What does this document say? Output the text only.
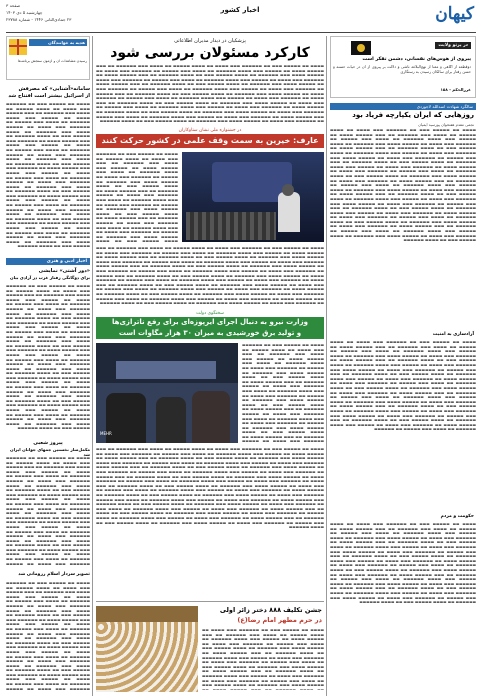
کیهان
اخبار کشور
صفحه ۳
چهارشنبه ۵ دی ۱۴۰۳
۲۳ جمادی‌الثانی ۱۴۴۶ - شماره ۲۳۷۸۸
در پرتو ولایت
پیروی از هوس‌های نفسانی، دشمن تفکر است
دوقطعه از آگاهی و معنا از نهج‌البلاغه ناشی و دلالت بر پیروی از آن در حیات حسنه و حسن رفتار برای سالکان رسیدن به رستگاری
غررالحکم - ۱۵۸
سالگرد شهادت اسدالله لاجوردی
روزهایی که ایران یکپارچه فریاد بود
نجمی مقدم هفتخوان پورسید ایمیان
▬▬▬▬ ▬▬ ▬▬▬▬▬ ▬▬▬ ▬▬ ▬▬▬▬▬▬ ▬▬▬ ▬▬▬▬ ▬▬ ▬▬▬▬ ▬▬▬▬▬ ▬▬ ▬▬▬▬ ▬▬▬ ▬▬▬▬▬▬ ▬▬ ▬▬▬ ▬▬▬▬▬ ▬▬▬▬ ▬▬ ▬▬▬▬▬ ▬▬▬ ▬▬▬▬ ▬▬▬▬▬▬ ▬▬ ▬▬▬▬ ▬▬▬ ▬▬▬▬▬ ▬▬ ▬▬▬▬▬▬ ▬▬▬ ▬▬▬▬ ▬▬ ▬▬▬▬▬ ▬▬▬▬ ▬▬▬ ▬▬▬▬▬▬ ▬▬ ▬▬▬▬ ▬▬▬▬▬ ▬▬▬ ▬▬ ▬▬▬▬ ▬▬▬▬▬▬ ▬▬ ▬▬▬ ▬▬▬▬▬ ▬▬▬▬ ▬▬ ▬▬▬▬▬▬ ▬▬▬ ▬▬▬▬ ▬▬ ▬▬▬▬▬ ▬▬▬ ▬▬▬▬ ▬▬▬▬▬▬ ▬▬ ▬▬▬▬ ▬▬▬ ▬▬▬▬▬ ▬▬ ▬▬▬▬▬▬ ▬▬▬ ▬▬▬▬ ▬▬ ▬▬▬▬▬ ▬▬▬▬ ▬▬▬ ▬▬▬▬▬▬ ▬▬ ▬▬▬▬ ▬▬▬▬▬ ▬▬▬ ▬▬ ▬▬▬▬ ▬▬▬▬▬▬ ▬▬ ▬▬▬ ▬▬▬▬▬ ▬▬▬▬ ▬▬ ▬▬▬▬▬▬ ▬▬▬ ▬▬▬▬ ▬▬ ▬▬▬▬▬ ▬▬▬ ▬▬▬▬ ▬▬▬▬▬▬ ▬▬ ▬▬▬▬ ▬▬▬ ▬▬▬▬▬ ▬▬ ▬▬▬▬▬▬ ▬▬▬ ▬▬▬▬ ▬▬ ▬▬▬▬▬ ▬▬▬▬ ▬▬▬ ▬▬▬▬▬▬ ▬▬ ▬▬▬▬ ▬▬▬▬▬ ▬▬▬ ▬▬ ▬▬▬▬ ▬▬▬▬▬▬ ▬▬ ▬▬▬ ▬▬▬▬▬ ▬▬▬▬ ▬▬ ▬▬▬▬▬▬ ▬▬▬ ▬▬▬▬ ▬▬ ▬▬▬▬▬ ▬▬▬ ▬▬▬▬ ▬▬▬▬▬▬ ▬▬ ▬▬▬▬ ▬▬▬ ▬▬▬▬▬ ▬▬ ▬▬▬▬▬▬ ▬▬▬ ▬▬▬▬ ▬▬ ▬▬▬▬▬ ▬▬▬▬ ▬▬▬ ▬▬▬▬▬▬ ▬▬ ▬▬▬▬ ▬▬▬▬▬ ▬▬▬ ▬▬ ▬▬▬▬ ▬▬▬▬▬▬ ▬▬ ▬▬▬ ▬▬▬▬▬ ▬▬▬▬ ▬▬ ▬▬▬▬▬▬ ▬▬▬ ▬▬▬▬ ▬▬ ▬▬▬▬▬ ▬▬▬ ▬▬▬▬ ▬▬▬▬▬▬ ▬▬ ▬▬▬▬ ▬▬▬ ▬▬▬▬▬ ▬▬ ▬▬▬▬▬▬ ▬▬▬ ▬▬▬▬ ▬▬ ▬▬▬▬▬ ▬▬▬▬ ▬▬▬ ▬▬▬▬▬▬ ▬▬ ▬▬▬▬ ▬▬▬▬▬ ▬▬▬ ▬▬ ▬▬▬▬ ▬▬▬▬▬▬ ▬▬ ▬▬▬ ▬▬▬▬▬ ▬▬▬▬ ▬▬ ▬▬▬▬▬▬ ▬▬▬ ▬▬▬▬ ▬▬ ▬▬▬▬▬ ▬▬▬ ▬▬▬▬ ▬▬▬▬▬▬ ▬▬ ▬▬▬▬ ▬▬▬ ▬▬▬▬▬ ▬▬ ▬▬▬▬▬▬ ▬▬▬ ▬▬▬▬ ▬▬ ▬▬▬▬▬ ▬▬▬▬ ▬▬▬ ▬▬▬▬▬▬ ▬▬ ▬▬▬▬ ▬▬▬▬▬ ▬▬▬ ▬▬ ▬▬▬▬ ▬▬▬▬▬▬ ▬▬ ▬▬▬ ▬▬▬▬▬ ▬▬▬▬ ▬▬ ▬▬▬▬▬▬ ▬▬▬ ▬▬▬▬ ▬▬ ▬▬▬▬▬ ▬▬▬ ▬▬▬▬ ▬▬▬▬▬▬ ▬▬ ▬▬▬▬ ▬▬▬ ▬▬▬▬▬ ▬▬ ▬▬▬▬▬▬ ▬▬▬ ▬▬▬▬ ▬▬ ▬▬▬▬▬ ▬▬▬▬ ▬▬▬ ▬▬▬▬▬▬ ▬▬ ▬▬▬▬ ▬▬▬▬▬ ▬▬▬ ▬▬ ▬▬▬▬ ▬▬▬▬▬▬
آزادسازی به امنیت
▬▬▬▬ ▬▬ ▬▬▬▬▬ ▬▬▬ ▬▬ ▬▬▬▬▬▬ ▬▬▬ ▬▬▬▬ ▬▬ ▬▬▬▬ ▬▬▬▬▬ ▬▬ ▬▬▬▬ ▬▬▬ ▬▬▬▬▬▬ ▬▬ ▬▬▬ ▬▬▬▬▬ ▬▬▬▬ ▬▬ ▬▬▬▬▬ ▬▬▬ ▬▬▬▬ ▬▬▬▬▬▬ ▬▬ ▬▬▬▬ ▬▬▬ ▬▬▬▬▬ ▬▬ ▬▬▬▬▬▬ ▬▬▬ ▬▬▬▬ ▬▬ ▬▬▬▬▬ ▬▬▬▬ ▬▬▬ ▬▬▬▬▬▬ ▬▬ ▬▬▬▬ ▬▬▬▬▬ ▬▬▬ ▬▬ ▬▬▬▬ ▬▬▬▬▬▬ ▬▬ ▬▬▬ ▬▬▬▬▬ ▬▬▬▬ ▬▬ ▬▬▬▬▬▬ ▬▬▬ ▬▬▬▬ ▬▬ ▬▬▬▬▬ ▬▬▬ ▬▬▬▬ ▬▬▬▬▬▬ ▬▬ ▬▬▬▬ ▬▬▬ ▬▬▬▬▬ ▬▬ ▬▬▬▬▬▬ ▬▬▬ ▬▬▬▬ ▬▬ ▬▬▬▬▬ ▬▬▬▬ ▬▬▬ ▬▬▬▬▬▬ ▬▬ ▬▬▬▬ ▬▬▬▬▬ ▬▬▬ ▬▬ ▬▬▬▬ ▬▬▬▬▬▬ ▬▬ ▬▬▬ ▬▬▬▬▬ ▬▬▬▬ ▬▬ ▬▬▬▬▬▬ ▬▬▬ ▬▬▬▬ ▬▬ ▬▬▬▬▬ ▬▬▬ ▬▬▬▬ ▬▬▬▬▬▬ ▬▬ ▬▬▬▬ ▬▬▬ ▬▬▬▬▬ ▬▬ ▬▬▬▬▬▬ ▬▬▬ ▬▬▬▬ ▬▬ ▬▬▬▬▬ ▬▬▬▬ ▬▬▬ ▬▬▬▬▬▬ ▬▬ ▬▬▬▬ ▬▬▬▬▬ ▬▬▬ ▬▬ ▬▬▬▬ ▬▬▬▬▬▬ ▬▬ ▬▬▬ ▬▬▬▬▬ ▬▬▬▬ ▬▬ ▬▬▬▬▬▬ ▬▬▬ ▬▬▬▬ ▬▬ ▬▬▬▬▬ ▬▬▬ ▬▬▬▬ ▬▬▬▬▬▬ ▬▬ ▬▬▬▬ ▬▬▬ ▬▬▬▬▬ ▬▬ ▬▬▬▬▬▬ ▬▬▬ ▬▬▬▬ ▬▬ ▬▬▬▬▬ ▬▬▬▬ ▬▬▬ ▬▬▬▬▬▬ ▬▬ ▬▬▬▬ ▬▬▬▬▬ ▬▬▬ ▬▬ ▬▬▬▬ ▬▬▬▬▬▬ ▬▬ ▬▬▬ ▬▬▬▬▬ ▬▬▬▬ ▬▬ ▬▬▬▬▬▬ ▬▬▬ ▬▬▬▬ ▬▬ ▬▬▬▬▬ ▬▬▬ ▬▬▬▬ ▬▬▬▬▬▬ ▬▬ ▬▬▬▬ ▬▬▬ ▬▬▬▬▬ ▬▬ ▬▬▬▬▬▬ ▬▬▬ ▬▬▬▬ ▬▬ ▬▬▬▬▬ ▬▬▬▬ ▬▬▬ ▬▬▬▬▬▬ ▬▬ ▬▬▬▬ ▬▬▬▬▬ ▬▬▬ ▬▬ ▬▬▬▬ ▬▬▬▬▬▬ ▬▬ ▬▬▬ ▬▬▬▬▬ ▬▬▬▬ ▬▬ ▬▬▬▬▬▬ ▬▬▬ ▬▬▬▬ ▬▬ ▬▬▬▬▬ ▬▬▬ ▬▬▬▬ ▬▬▬▬▬▬ ▬▬ ▬▬▬▬ ▬▬▬ ▬▬▬▬▬ ▬▬ ▬▬▬▬▬▬
حکومت و مردم
▬▬▬▬ ▬▬ ▬▬▬▬▬ ▬▬▬ ▬▬ ▬▬▬▬▬▬ ▬▬▬ ▬▬▬▬ ▬▬ ▬▬▬▬ ▬▬▬▬▬ ▬▬ ▬▬▬▬ ▬▬▬ ▬▬▬▬▬▬ ▬▬ ▬▬▬ ▬▬▬▬▬ ▬▬▬▬ ▬▬ ▬▬▬▬▬ ▬▬▬ ▬▬▬▬ ▬▬▬▬▬▬ ▬▬ ▬▬▬▬ ▬▬▬ ▬▬▬▬▬ ▬▬ ▬▬▬▬▬▬ ▬▬▬ ▬▬▬▬ ▬▬ ▬▬▬▬▬ ▬▬▬▬ ▬▬▬ ▬▬▬▬▬▬ ▬▬ ▬▬▬▬ ▬▬▬▬▬ ▬▬▬ ▬▬ ▬▬▬▬ ▬▬▬▬▬▬ ▬▬ ▬▬▬ ▬▬▬▬▬ ▬▬▬▬ ▬▬ ▬▬▬▬▬▬ ▬▬▬ ▬▬▬▬ ▬▬ ▬▬▬▬▬ ▬▬▬ ▬▬▬▬ ▬▬▬▬▬▬ ▬▬ ▬▬▬▬ ▬▬▬ ▬▬▬▬▬ ▬▬ ▬▬▬▬▬▬ ▬▬▬ ▬▬▬▬ ▬▬ ▬▬▬▬▬ ▬▬▬▬ ▬▬▬ ▬▬▬▬▬▬ ▬▬ ▬▬▬▬ ▬▬▬▬▬ ▬▬▬ ▬▬ ▬▬▬▬ ▬▬▬▬▬▬ ▬▬ ▬▬▬ ▬▬▬▬▬ ▬▬▬▬ ▬▬ ▬▬▬▬▬▬ ▬▬▬ ▬▬▬▬ ▬▬ ▬▬▬▬▬ ▬▬▬ ▬▬▬▬ ▬▬▬▬▬▬ ▬▬ ▬▬▬▬ ▬▬▬ ▬▬▬▬▬ ▬▬ ▬▬▬▬▬▬ ▬▬▬ ▬▬▬▬ ▬▬ ▬▬▬▬▬ ▬▬▬▬ ▬▬▬ ▬▬▬▬▬▬ ▬▬ ▬▬▬▬ ▬▬▬▬▬ ▬▬▬ ▬▬ ▬▬▬▬ ▬▬▬▬▬▬ ▬▬ ▬▬▬ ▬▬▬▬▬ ▬▬▬▬ ▬▬ ▬▬▬▬▬▬ ▬▬▬ ▬▬▬▬ ▬▬ ▬▬▬▬▬ ▬▬▬ ▬▬▬▬ ▬▬▬▬▬▬ ▬▬ ▬▬▬▬ ▬▬▬ ▬▬▬▬▬ ▬▬ ▬▬▬▬▬▬ ▬▬▬ ▬▬▬▬ ▬▬ ▬▬▬▬▬ ▬▬▬▬ ▬▬▬ ▬▬▬▬▬▬ ▬▬ ▬▬▬▬ ▬▬▬▬▬ ▬▬▬ ▬▬ ▬▬▬▬ ▬▬▬▬▬▬ ▬▬ ▬▬▬ ▬▬▬▬▬ ▬▬▬▬ ▬▬ ▬▬▬▬▬▬ ▬▬▬ ▬▬▬▬ ▬▬ ▬▬▬▬▬ ▬▬▬ ▬▬▬▬ ▬▬▬▬▬▬ ▬▬ ▬▬▬▬ ▬▬▬ ▬▬▬▬▬ ▬▬ ▬▬▬▬▬▬ ▬▬▬ ▬▬▬▬ ▬▬ ▬▬▬▬▬ ▬▬▬▬ ▬▬▬ ▬▬▬▬▬▬ ▬▬ ▬▬▬▬ ▬▬▬▬▬ ▬▬▬ ▬▬ ▬▬▬▬ ▬▬▬▬▬▬
پزشکیان در دیدار مدیران اطلاعاتی
کارکرد مسئولان بررسی شود
▬▬▬▬ ▬▬ ▬▬▬▬▬ ▬▬▬ ▬▬ ▬▬▬▬▬▬ ▬▬▬ ▬▬▬▬ ▬▬ ▬▬▬▬ ▬▬▬▬▬ ▬▬ ▬▬▬▬ ▬▬▬ ▬▬▬▬▬▬ ▬▬ ▬▬▬ ▬▬▬▬▬ ▬▬▬▬ ▬▬ ▬▬▬▬▬ ▬▬▬ ▬▬▬▬ ▬▬▬▬▬▬ ▬▬ ▬▬▬▬ ▬▬▬ ▬▬▬▬▬ ▬▬ ▬▬▬▬▬▬ ▬▬▬ ▬▬▬▬ ▬▬ ▬▬▬▬▬ ▬▬▬▬ ▬▬▬ ▬▬▬▬▬▬ ▬▬ ▬▬▬▬ ▬▬▬▬▬ ▬▬▬ ▬▬ ▬▬▬▬ ▬▬▬▬▬▬ ▬▬ ▬▬▬ ▬▬▬▬▬ ▬▬▬▬ ▬▬ ▬▬▬▬▬▬ ▬▬▬ ▬▬▬▬ ▬▬ ▬▬▬▬▬ ▬▬▬ ▬▬▬▬ ▬▬▬▬▬▬ ▬▬ ▬▬▬▬ ▬▬▬ ▬▬▬▬▬ ▬▬ ▬▬▬▬▬▬ ▬▬▬ ▬▬▬▬ ▬▬ ▬▬▬▬▬ ▬▬▬▬ ▬▬▬ ▬▬▬▬▬▬ ▬▬ ▬▬▬▬ ▬▬▬▬▬ ▬▬▬ ▬▬ ▬▬▬▬ ▬▬▬▬▬▬ ▬▬ ▬▬▬ ▬▬▬▬▬ ▬▬▬▬ ▬▬ ▬▬▬▬▬▬ ▬▬▬ ▬▬▬▬ ▬▬ ▬▬▬▬▬ ▬▬▬ ▬▬▬▬ ▬▬▬▬▬▬ ▬▬ ▬▬▬▬ ▬▬▬ ▬▬▬▬▬ ▬▬ ▬▬▬▬▬▬ ▬▬▬ ▬▬▬▬ ▬▬ ▬▬▬▬▬ ▬▬▬▬ ▬▬▬ ▬▬▬▬▬▬ ▬▬ ▬▬▬▬ ▬▬▬▬▬ ▬▬▬ ▬▬ ▬▬▬▬ ▬▬▬▬▬▬ ▬▬ ▬▬▬ ▬▬▬▬▬ ▬▬▬▬ ▬▬ ▬▬▬▬▬▬ ▬▬▬ ▬▬▬▬ ▬▬ ▬▬▬▬▬ ▬▬▬ ▬▬▬▬ ▬▬▬▬▬▬ ▬▬ ▬▬▬▬ ▬▬▬ ▬▬▬▬▬ ▬▬ ▬▬▬▬▬▬ ▬▬▬ ▬▬▬▬ ▬▬ ▬▬▬▬▬ ▬▬▬▬ ▬▬▬ ▬▬▬▬▬▬ ▬▬ ▬▬▬▬ ▬▬▬▬▬ ▬▬▬ ▬▬ ▬▬▬▬ ▬▬▬▬▬▬ ▬▬ ▬▬▬ ▬▬▬▬▬ ▬▬▬▬ ▬▬ ▬▬▬▬▬▬ ▬▬▬ ▬▬▬▬ ▬▬ ▬▬▬▬▬ ▬▬▬ ▬▬▬▬ ▬▬▬▬▬▬ ▬▬ ▬▬▬▬ ▬▬▬ ▬▬▬▬▬ ▬▬ ▬▬▬▬▬▬ ▬▬▬ ▬▬▬▬ ▬▬ ▬▬▬▬▬ ▬▬▬▬ ▬▬▬ ▬▬▬▬▬▬ ▬▬ ▬▬▬▬ ▬▬▬▬▬ ▬▬▬ ▬▬ ▬▬▬▬ ▬▬▬▬▬▬ ▬▬ ▬▬▬ ▬▬▬▬▬ ▬▬▬▬ ▬▬ ▬▬▬▬▬▬ ▬▬▬ ▬▬▬▬ ▬▬ ▬▬▬▬▬ ▬▬▬ ▬▬▬▬ ▬▬▬▬▬▬ ▬▬ ▬▬▬▬ ▬▬▬ ▬▬▬▬▬ ▬▬ ▬▬▬▬▬▬ ▬▬▬ ▬▬▬▬ ▬▬ ▬▬▬▬▬ ▬▬▬▬ ▬▬▬ ▬▬▬▬▬▬ ▬▬ ▬▬▬▬ ▬▬▬▬▬ ▬▬▬ ▬▬ ▬▬▬▬ ▬▬▬▬▬▬
در جشنواره ملی نشان ستاوکاران
عارف: خیرین به سمت وقف علمی در کشور حرکت کنند
▬▬▬▬ ▬▬ ▬▬▬▬▬ ▬▬▬ ▬▬ ▬▬▬▬▬▬ ▬▬▬ ▬▬▬▬ ▬▬ ▬▬▬▬ ▬▬▬▬▬ ▬▬ ▬▬▬▬ ▬▬▬ ▬▬▬▬▬▬ ▬▬ ▬▬▬ ▬▬▬▬▬ ▬▬▬▬ ▬▬ ▬▬▬▬▬ ▬▬▬ ▬▬▬▬ ▬▬▬▬▬▬ ▬▬ ▬▬▬▬ ▬▬▬ ▬▬▬▬▬ ▬▬ ▬▬▬▬▬▬ ▬▬▬ ▬▬▬▬ ▬▬ ▬▬▬▬▬ ▬▬▬▬ ▬▬▬ ▬▬▬▬▬▬ ▬▬ ▬▬▬▬ ▬▬▬▬▬ ▬▬▬ ▬▬ ▬▬▬▬ ▬▬▬▬▬▬ ▬▬ ▬▬▬ ▬▬▬▬▬ ▬▬▬▬ ▬▬ ▬▬▬▬▬▬ ▬▬▬ ▬▬▬▬ ▬▬ ▬▬▬▬▬ ▬▬▬ ▬▬▬▬ ▬▬▬▬▬▬ ▬▬ ▬▬▬▬ ▬▬▬ ▬▬▬▬▬ ▬▬ ▬▬▬▬▬▬ ▬▬▬ ▬▬▬▬ ▬▬ ▬▬▬▬▬ ▬▬▬▬ ▬▬▬ ▬▬▬▬▬▬ ▬▬ ▬▬▬▬ ▬▬▬▬▬ ▬▬▬ ▬▬ ▬▬▬▬ ▬▬▬▬▬▬ ▬▬ ▬▬▬ ▬▬▬▬▬ ▬▬▬▬ ▬▬ ▬▬▬▬▬▬ ▬▬▬ ▬▬▬▬ ▬▬ ▬▬▬▬▬ ▬▬▬ ▬▬▬▬ ▬▬▬▬▬▬ ▬▬ ▬▬▬▬ ▬▬▬ ▬▬▬▬▬ ▬▬ ▬▬▬▬▬▬ ▬▬▬ ▬▬▬▬ ▬▬ ▬▬▬▬▬ ▬▬▬▬ ▬▬▬ ▬▬▬▬▬▬ ▬▬ ▬▬▬▬ ▬▬▬▬▬ ▬▬▬ ▬▬ ▬▬▬▬
▬▬▬▬ ▬▬ ▬▬▬▬▬ ▬▬▬ ▬▬ ▬▬▬▬▬▬ ▬▬▬ ▬▬▬▬ ▬▬ ▬▬▬▬ ▬▬▬▬▬ ▬▬ ▬▬▬▬ ▬▬▬ ▬▬▬▬▬▬ ▬▬ ▬▬▬ ▬▬▬▬▬ ▬▬▬▬ ▬▬ ▬▬▬▬▬ ▬▬▬ ▬▬▬▬ ▬▬▬▬▬▬ ▬▬ ▬▬▬▬ ▬▬▬ ▬▬▬▬▬ ▬▬ ▬▬▬▬▬▬ ▬▬▬ ▬▬▬▬ ▬▬ ▬▬▬▬▬ ▬▬▬▬ ▬▬▬ ▬▬▬▬▬▬ ▬▬ ▬▬▬▬ ▬▬▬▬▬ ▬▬▬ ▬▬ ▬▬▬▬ ▬▬▬▬▬▬ ▬▬ ▬▬▬ ▬▬▬▬▬ ▬▬▬▬ ▬▬ ▬▬▬▬▬▬ ▬▬▬ ▬▬▬▬ ▬▬ ▬▬▬▬▬ ▬▬▬ ▬▬▬▬ ▬▬▬▬▬▬ ▬▬ ▬▬▬▬ ▬▬▬ ▬▬▬▬▬ ▬▬ ▬▬▬▬▬▬ ▬▬▬ ▬▬▬▬ ▬▬ ▬▬▬▬▬ ▬▬▬▬ ▬▬▬ ▬▬▬▬▬▬ ▬▬ ▬▬▬▬ ▬▬▬▬▬ ▬▬▬ ▬▬ ▬▬▬▬ ▬▬▬▬▬▬ ▬▬ ▬▬▬ ▬▬▬▬▬ ▬▬▬▬ ▬▬ ▬▬▬▬▬▬ ▬▬▬ ▬▬▬▬ ▬▬ ▬▬▬▬▬ ▬▬▬ ▬▬▬▬ ▬▬▬▬▬▬ ▬▬ ▬▬▬▬ ▬▬▬ ▬▬▬▬▬ ▬▬ ▬▬▬▬▬▬ ▬▬▬ ▬▬▬▬ ▬▬ ▬▬▬▬▬ ▬▬▬▬ ▬▬▬ ▬▬▬▬▬▬ ▬▬ ▬▬▬▬ ▬▬▬▬▬ ▬▬▬ ▬▬ ▬▬▬▬ ▬▬▬▬▬▬ ▬▬ ▬▬▬ ▬▬▬▬▬ ▬▬▬▬ ▬▬ ▬▬▬▬▬▬ ▬▬▬ ▬▬▬▬ ▬▬ ▬▬▬▬▬ ▬▬▬ ▬▬▬▬ ▬▬▬▬▬▬ ▬▬ ▬▬▬▬ ▬▬▬ ▬▬▬▬▬ ▬▬ ▬▬▬▬▬▬ ▬▬▬ ▬▬▬▬ ▬▬ ▬▬▬▬▬ ▬▬▬▬ ▬▬▬ ▬▬▬▬▬▬ ▬▬ ▬▬▬▬ ▬▬▬▬▬ ▬▬▬ ▬▬ ▬▬▬▬ ▬▬▬▬▬▬ ▬▬ ▬▬▬ ▬▬▬▬▬ ▬▬▬▬ ▬▬ ▬▬▬▬▬▬ ▬▬▬ ▬▬▬▬ ▬▬ ▬▬▬▬▬ ▬▬▬ ▬▬▬▬ ▬▬▬▬▬▬ ▬▬ ▬▬▬▬ ▬▬▬ ▬▬▬▬▬ ▬▬ ▬▬▬▬▬▬ ▬▬▬ ▬▬▬▬ ▬▬ ▬▬▬▬▬ ▬▬▬▬ ▬▬▬ ▬▬▬▬▬▬ ▬▬ ▬▬▬▬ ▬▬▬▬▬ ▬▬▬ ▬▬ ▬▬▬▬ ▬▬▬▬▬▬ ▬▬ ▬▬▬ ▬▬▬▬▬ ▬▬▬▬ ▬▬ ▬▬▬▬▬▬ ▬▬▬ ▬▬▬▬ ▬▬ ▬▬▬▬▬ ▬▬▬ ▬▬▬▬ ▬▬▬▬▬▬ ▬▬ ▬▬▬▬ ▬▬▬ ▬▬▬▬▬ ▬▬ ▬▬▬▬▬▬ ▬▬▬ ▬▬▬▬ ▬▬ ▬▬▬▬▬ ▬▬▬▬ ▬▬▬ ▬▬▬▬▬▬ ▬▬ ▬▬▬▬ ▬▬▬▬▬ ▬▬▬ ▬▬ ▬▬▬▬ ▬▬▬▬▬▬
سخنگوی دولت
وزارت نیرو به دنبال اجرای ایرپوزه‌ای برای رفع ناترازی‌ها
و تولید برق خورشیدی به میزان ۳۰ هزار مگاوات است
MEHR
▬▬▬▬ ▬▬ ▬▬▬▬▬ ▬▬▬ ▬▬ ▬▬▬▬▬▬ ▬▬▬ ▬▬▬▬ ▬▬ ▬▬▬▬ ▬▬▬▬▬ ▬▬ ▬▬▬▬ ▬▬▬ ▬▬▬▬▬▬ ▬▬ ▬▬▬ ▬▬▬▬▬ ▬▬▬▬ ▬▬ ▬▬▬▬▬ ▬▬▬ ▬▬▬▬ ▬▬▬▬▬▬ ▬▬ ▬▬▬▬ ▬▬▬ ▬▬▬▬▬ ▬▬ ▬▬▬▬▬▬ ▬▬▬ ▬▬▬▬ ▬▬ ▬▬▬▬▬ ▬▬▬▬ ▬▬▬ ▬▬▬▬▬▬ ▬▬ ▬▬▬▬ ▬▬▬▬▬ ▬▬▬ ▬▬ ▬▬▬▬ ▬▬▬▬▬▬ ▬▬ ▬▬▬ ▬▬▬▬▬ ▬▬▬▬ ▬▬ ▬▬▬▬▬▬ ▬▬▬ ▬▬▬▬ ▬▬ ▬▬▬▬▬ ▬▬▬ ▬▬▬▬ ▬▬▬▬▬▬ ▬▬ ▬▬▬▬ ▬▬▬ ▬▬▬▬▬ ▬▬ ▬▬▬▬▬▬ ▬▬▬ ▬▬▬▬ ▬▬ ▬▬▬▬▬ ▬▬▬▬ ▬▬▬ ▬▬▬▬▬▬ ▬▬ ▬▬▬▬ ▬▬▬▬▬ ▬▬▬ ▬▬ ▬▬▬▬ ▬▬▬▬▬▬ ▬▬ ▬▬▬ ▬▬▬▬▬ ▬▬▬▬ ▬▬ ▬▬▬▬▬▬ ▬▬▬ ▬▬▬▬ ▬▬ ▬▬▬▬▬ ▬▬▬ ▬▬▬▬ ▬▬▬▬▬▬ ▬▬ ▬▬▬▬ ▬▬▬ ▬▬▬▬▬ ▬▬ ▬▬▬▬▬▬ ▬▬▬ ▬▬▬▬ ▬▬ ▬▬▬▬▬ ▬▬▬▬ ▬▬▬ ▬▬▬▬▬▬ ▬▬ ▬▬▬▬ ▬▬▬▬▬ ▬▬▬ ▬▬ ▬▬▬▬ ▬▬▬▬▬▬ ▬▬ ▬▬▬ ▬▬▬▬▬ ▬▬▬▬ ▬▬ ▬▬▬▬▬▬ ▬▬▬ ▬▬▬▬ ▬▬ ▬▬▬▬▬
▬▬▬▬ ▬▬ ▬▬▬▬▬ ▬▬▬ ▬▬ ▬▬▬▬▬▬ ▬▬▬ ▬▬▬▬ ▬▬ ▬▬▬▬ ▬▬▬▬▬ ▬▬ ▬▬▬▬ ▬▬▬ ▬▬▬▬▬▬ ▬▬ ▬▬▬ ▬▬▬▬▬ ▬▬▬▬ ▬▬ ▬▬▬▬▬ ▬▬▬ ▬▬▬▬ ▬▬▬▬▬▬ ▬▬ ▬▬▬▬ ▬▬▬ ▬▬▬▬▬ ▬▬ ▬▬▬▬▬▬ ▬▬▬ ▬▬▬▬ ▬▬ ▬▬▬▬▬ ▬▬▬▬ ▬▬▬ ▬▬▬▬▬▬ ▬▬ ▬▬▬▬ ▬▬▬▬▬ ▬▬▬ ▬▬ ▬▬▬▬ ▬▬▬▬▬▬ ▬▬ ▬▬▬ ▬▬▬▬▬ ▬▬▬▬ ▬▬ ▬▬▬▬▬▬ ▬▬▬ ▬▬▬▬ ▬▬ ▬▬▬▬▬ ▬▬▬ ▬▬▬▬ ▬▬▬▬▬▬ ▬▬ ▬▬▬▬ ▬▬▬ ▬▬▬▬▬ ▬▬ ▬▬▬▬▬▬ ▬▬▬ ▬▬▬▬ ▬▬ ▬▬▬▬▬ ▬▬▬▬ ▬▬▬ ▬▬▬▬▬▬ ▬▬ ▬▬▬▬ ▬▬▬▬▬ ▬▬▬ ▬▬ ▬▬▬▬ ▬▬▬▬▬▬ ▬▬ ▬▬▬ ▬▬▬▬▬ ▬▬▬▬ ▬▬ ▬▬▬▬▬▬ ▬▬▬ ▬▬▬▬ ▬▬ ▬▬▬▬▬ ▬▬▬ ▬▬▬▬ ▬▬▬▬▬▬ ▬▬ ▬▬▬▬ ▬▬▬ ▬▬▬▬▬ ▬▬ ▬▬▬▬▬▬ ▬▬▬ ▬▬▬▬ ▬▬ ▬▬▬▬▬ ▬▬▬▬ ▬▬▬ ▬▬▬▬▬▬ ▬▬ ▬▬▬▬ ▬▬▬▬▬ ▬▬▬ ▬▬ ▬▬▬▬ ▬▬▬▬▬▬ ▬▬ ▬▬▬ ▬▬▬▬▬ ▬▬▬▬ ▬▬ ▬▬▬▬▬▬ ▬▬▬ ▬▬▬▬ ▬▬ ▬▬▬▬▬ ▬▬▬ ▬▬▬▬ ▬▬▬▬▬▬ ▬▬ ▬▬▬▬ ▬▬▬ ▬▬▬▬▬ ▬▬ ▬▬▬▬▬▬ ▬▬▬ ▬▬▬▬ ▬▬ ▬▬▬▬▬ ▬▬▬▬ ▬▬▬ ▬▬▬▬▬▬ ▬▬ ▬▬▬▬ ▬▬▬▬▬ ▬▬▬ ▬▬ ▬▬▬▬ ▬▬▬▬▬▬ ▬▬ ▬▬▬ ▬▬▬▬▬ ▬▬▬▬ ▬▬ ▬▬▬▬▬▬ ▬▬▬ ▬▬▬▬ ▬▬ ▬▬▬▬▬ ▬▬▬ ▬▬▬▬ ▬▬▬▬▬▬ ▬▬ ▬▬▬▬ ▬▬▬ ▬▬▬▬▬ ▬▬ ▬▬▬▬▬▬ ▬▬▬ ▬▬▬▬ ▬▬ ▬▬▬▬▬ ▬▬▬▬ ▬▬▬ ▬▬▬▬▬▬ ▬▬ ▬▬▬▬ ▬▬▬▬▬ ▬▬▬ ▬▬ ▬▬▬▬ ▬▬▬▬▬▬ ▬▬ ▬▬▬ ▬▬▬▬▬ ▬▬▬▬ ▬▬ ▬▬▬▬▬▬ ▬▬▬ ▬▬▬▬ ▬▬ ▬▬▬▬▬ ▬▬▬ ▬▬▬▬ ▬▬▬▬▬▬ ▬▬ ▬▬▬▬ ▬▬▬ ▬▬▬▬▬ ▬▬ ▬▬▬▬▬▬ ▬▬▬ ▬▬▬▬ ▬▬ ▬▬▬▬▬ ▬▬▬▬ ▬▬▬ ▬▬▬▬▬▬ ▬▬ ▬▬▬▬ ▬▬▬▬▬ ▬▬▬ ▬▬ ▬▬▬▬ ▬▬▬▬▬▬ ▬▬ ▬▬▬ ▬▬▬▬▬ ▬▬▬▬ ▬▬ ▬▬▬▬▬▬ ▬▬▬ ▬▬▬▬ ▬▬ ▬▬▬▬▬ ▬▬▬ ▬▬▬▬ ▬▬▬▬▬▬ ▬▬ ▬▬▬▬ ▬▬▬ ▬▬▬▬▬ ▬▬ ▬▬▬▬▬▬ ▬▬▬ ▬▬▬▬ ▬▬ ▬▬▬▬▬ ▬▬▬▬ ▬▬▬ ▬▬▬▬▬▬ ▬▬ ▬▬▬▬ ▬▬▬▬▬ ▬▬▬ ▬▬ ▬▬▬▬ ▬▬▬▬▬▬ ▬▬ ▬▬▬ ▬▬▬▬▬ ▬▬▬▬ ▬▬ ▬▬▬▬▬▬ ▬▬▬ ▬▬▬▬ ▬▬ ▬▬▬▬▬ ▬▬▬ ▬▬▬▬ ▬▬▬▬▬▬ ▬▬ ▬▬▬▬ ▬▬▬ ▬▬▬▬▬ ▬▬ ▬▬▬▬▬▬ ▬▬▬ ▬▬▬▬ ▬▬ ▬▬▬▬▬ ▬▬▬▬ ▬▬▬ ▬▬▬▬▬▬ ▬▬ ▬▬▬▬ ▬▬▬▬▬ ▬▬▬ ▬▬ ▬▬▬▬ ▬▬▬▬▬▬
جشن تکلیف ۸۸۸ دختر زائر اولی
در حرم مطهر امام رضا(ع)
▬▬▬▬ ▬▬ ▬▬▬▬▬ ▬▬▬ ▬▬ ▬▬▬▬▬▬ ▬▬▬ ▬▬▬▬ ▬▬ ▬▬▬▬ ▬▬▬▬▬ ▬▬ ▬▬▬▬ ▬▬▬ ▬▬▬▬▬▬ ▬▬ ▬▬▬ ▬▬▬▬▬ ▬▬▬▬ ▬▬ ▬▬▬▬▬ ▬▬▬ ▬▬▬▬ ▬▬▬▬▬▬ ▬▬ ▬▬▬▬ ▬▬▬ ▬▬▬▬▬ ▬▬ ▬▬▬▬▬▬ ▬▬▬ ▬▬▬▬ ▬▬ ▬▬▬▬▬ ▬▬▬▬ ▬▬▬ ▬▬▬▬▬▬ ▬▬ ▬▬▬▬ ▬▬▬▬▬ ▬▬▬ ▬▬ ▬▬▬▬ ▬▬▬▬▬▬ ▬▬ ▬▬▬ ▬▬▬▬▬ ▬▬▬▬ ▬▬ ▬▬▬▬▬▬ ▬▬▬ ▬▬▬▬ ▬▬ ▬▬▬▬▬ ▬▬▬ ▬▬▬▬ ▬▬▬▬▬▬ ▬▬ ▬▬▬▬ ▬▬▬ ▬▬▬▬▬ ▬▬ ▬▬▬▬▬▬ ▬▬▬ ▬▬▬▬ ▬▬ ▬▬▬▬▬ ▬▬▬▬ ▬▬▬ ▬▬▬▬▬▬ ▬▬ ▬▬▬▬ ▬▬▬▬▬ ▬▬▬ ▬▬ ▬▬▬▬ ▬▬▬▬▬▬ ▬▬ ▬▬▬ ▬▬▬▬▬ ▬▬▬▬ ▬▬ ▬▬▬▬▬▬ ▬▬▬ ▬▬▬▬ ▬▬ ▬▬▬▬▬ ▬▬▬ ▬▬▬▬ ▬▬▬▬▬▬ ▬▬ ▬▬▬▬ ▬▬▬ ▬▬▬▬▬ ▬▬ ▬▬▬▬▬▬ ▬▬▬ ▬▬▬▬ ▬▬ ▬▬▬▬▬ ▬▬▬▬ ▬▬▬ ▬▬▬▬▬▬ ▬▬ ▬▬▬▬ ▬▬▬▬▬ ▬▬▬ ▬▬ ▬▬▬▬ ▬▬▬▬▬▬ ▬▬ ▬▬▬ ▬▬▬▬▬ ▬▬▬▬ ▬▬
هدیه به خوانندگان
رسیدن مشاهدات آن و آزمون سنجش برنامه‌ها
سامانه«آشنایی» که مصرفش
از اسرائیل بیشتر است افتتاح شد
▬▬▬▬ ▬▬ ▬▬▬▬▬ ▬▬▬ ▬▬ ▬▬▬▬▬▬ ▬▬▬ ▬▬▬▬ ▬▬ ▬▬▬▬ ▬▬▬▬▬ ▬▬ ▬▬▬▬ ▬▬▬ ▬▬▬▬▬▬ ▬▬ ▬▬▬ ▬▬▬▬▬ ▬▬▬▬ ▬▬ ▬▬▬▬▬ ▬▬▬ ▬▬▬▬ ▬▬▬▬▬▬ ▬▬ ▬▬▬▬ ▬▬▬ ▬▬▬▬▬ ▬▬ ▬▬▬▬▬▬ ▬▬▬ ▬▬▬▬ ▬▬ ▬▬▬▬▬ ▬▬▬▬ ▬▬▬ ▬▬▬▬▬▬ ▬▬ ▬▬▬▬ ▬▬▬▬▬ ▬▬▬ ▬▬ ▬▬▬▬ ▬▬▬▬▬▬ ▬▬ ▬▬▬ ▬▬▬▬▬ ▬▬▬▬ ▬▬ ▬▬▬▬▬▬ ▬▬▬ ▬▬▬▬ ▬▬ ▬▬▬▬▬ ▬▬▬ ▬▬▬▬ ▬▬▬▬▬▬ ▬▬ ▬▬▬▬ ▬▬▬ ▬▬▬▬▬ ▬▬ ▬▬▬▬▬▬ ▬▬▬ ▬▬▬▬ ▬▬ ▬▬▬▬▬ ▬▬▬▬ ▬▬▬ ▬▬▬▬▬▬ ▬▬ ▬▬▬▬ ▬▬▬▬▬ ▬▬▬ ▬▬ ▬▬▬▬ ▬▬▬▬▬▬ ▬▬ ▬▬▬ ▬▬▬▬▬ ▬▬▬▬ ▬▬ ▬▬▬▬▬▬ ▬▬▬ ▬▬▬▬ ▬▬ ▬▬▬▬▬ ▬▬▬ ▬▬▬▬ ▬▬▬▬▬▬ ▬▬ ▬▬▬▬ ▬▬▬ ▬▬▬▬▬ ▬▬ ▬▬▬▬▬▬ ▬▬▬ ▬▬▬▬ ▬▬ ▬▬▬▬▬ ▬▬▬▬ ▬▬▬ ▬▬▬▬▬▬ ▬▬ ▬▬▬▬ ▬▬▬▬▬ ▬▬▬ ▬▬ ▬▬▬▬ ▬▬▬▬▬▬ ▬▬ ▬▬▬ ▬▬▬▬▬ ▬▬▬▬ ▬▬ ▬▬▬▬▬▬ ▬▬▬ ▬▬▬▬ ▬▬ ▬▬▬▬▬ ▬▬▬ ▬▬▬▬ ▬▬▬▬▬▬ ▬▬ ▬▬▬▬ ▬▬▬ ▬▬▬▬▬ ▬▬ ▬▬▬▬▬▬ ▬▬▬ ▬▬▬▬ ▬▬ ▬▬▬▬▬ ▬▬▬▬ ▬▬▬ ▬▬▬▬▬▬ ▬▬ ▬▬▬▬ ▬▬▬▬▬ ▬▬▬ ▬▬ ▬▬▬▬ ▬▬▬▬▬▬ ▬▬ ▬▬▬ ▬▬▬▬▬ ▬▬▬▬ ▬▬ ▬▬▬▬▬▬ ▬▬▬ ▬▬▬▬ ▬▬ ▬▬▬▬▬ ▬▬▬ ▬▬▬▬ ▬▬▬▬▬▬ ▬▬ ▬▬▬▬ ▬▬▬ ▬▬▬▬▬ ▬▬ ▬▬▬▬▬▬ ▬▬▬ ▬▬▬▬ ▬▬ ▬▬▬▬▬ ▬▬▬▬ ▬▬▬ ▬▬▬▬▬▬ ▬▬ ▬▬▬▬ ▬▬▬▬▬ ▬▬▬ ▬▬ ▬▬▬▬ ▬▬▬▬▬▬
اخبار ادبی و هنری
«دور آشتی» نمایشی
برای دوگانگی رفتار غرب در آزادی بیان
▬▬▬▬ ▬▬ ▬▬▬▬▬ ▬▬▬ ▬▬ ▬▬▬▬▬▬ ▬▬▬ ▬▬▬▬ ▬▬ ▬▬▬▬ ▬▬▬▬▬ ▬▬ ▬▬▬▬ ▬▬▬ ▬▬▬▬▬▬ ▬▬ ▬▬▬ ▬▬▬▬▬ ▬▬▬▬ ▬▬ ▬▬▬▬▬ ▬▬▬ ▬▬▬▬ ▬▬▬▬▬▬ ▬▬ ▬▬▬▬ ▬▬▬ ▬▬▬▬▬ ▬▬ ▬▬▬▬▬▬ ▬▬▬ ▬▬▬▬ ▬▬ ▬▬▬▬▬ ▬▬▬▬ ▬▬▬ ▬▬▬▬▬▬ ▬▬ ▬▬▬▬ ▬▬▬▬▬ ▬▬▬ ▬▬ ▬▬▬▬ ▬▬▬▬▬▬ ▬▬ ▬▬▬ ▬▬▬▬▬ ▬▬▬▬ ▬▬ ▬▬▬▬▬▬ ▬▬▬ ▬▬▬▬ ▬▬ ▬▬▬▬▬ ▬▬▬ ▬▬▬▬ ▬▬▬▬▬▬ ▬▬ ▬▬▬▬ ▬▬▬ ▬▬▬▬▬ ▬▬ ▬▬▬▬▬▬ ▬▬▬ ▬▬▬▬ ▬▬ ▬▬▬▬▬ ▬▬▬▬ ▬▬▬ ▬▬▬▬▬▬ ▬▬ ▬▬▬▬ ▬▬▬▬▬ ▬▬▬ ▬▬ ▬▬▬▬ ▬▬▬▬▬▬ ▬▬ ▬▬▬ ▬▬▬▬▬ ▬▬▬▬ ▬▬ ▬▬▬▬▬▬ ▬▬▬ ▬▬▬▬ ▬▬ ▬▬▬▬▬ ▬▬▬ ▬▬▬▬ ▬▬▬▬▬▬ ▬▬ ▬▬▬▬ ▬▬▬ ▬▬▬▬▬ ▬▬ ▬▬▬▬▬▬ ▬▬▬ ▬▬▬▬ ▬▬ ▬▬▬▬▬ ▬▬▬▬ ▬▬▬ ▬▬▬▬▬▬ ▬▬ ▬▬▬▬ ▬▬▬▬▬ ▬▬▬ ▬▬ ▬▬▬▬ ▬▬▬▬▬▬ ▬▬ ▬▬▬ ▬▬▬▬▬ ▬▬▬▬ ▬▬ ▬▬▬▬▬▬ ▬▬▬ ▬▬▬▬ ▬▬ ▬▬▬▬▬ ▬▬▬ ▬▬▬▬ ▬▬▬▬▬▬ ▬▬ ▬▬▬▬ ▬▬▬ ▬▬▬▬▬ ▬▬ ▬▬▬▬▬▬ ▬▬▬ ▬▬▬▬ ▬▬ ▬▬▬▬▬ ▬▬▬▬ ▬▬▬ ▬▬▬▬▬▬ ▬▬ ▬▬▬▬ ▬▬▬▬▬ ▬▬▬ ▬▬ ▬▬▬▬ ▬▬▬▬▬▬ ▬▬ ▬▬▬ ▬▬▬▬▬ ▬▬▬▬ ▬▬ ▬▬▬▬▬▬ ▬▬▬ ▬▬▬▬ ▬▬ ▬▬▬▬▬ ▬▬▬ ▬▬▬▬ ▬▬▬▬▬▬ ▬▬ ▬▬▬▬ ▬▬▬ ▬▬▬▬▬ ▬▬ ▬▬▬▬▬▬ ▬▬▬ ▬▬▬▬ ▬▬ ▬▬▬▬▬ ▬▬▬▬ ▬▬▬ ▬▬▬▬▬▬ ▬▬ ▬▬▬▬ ▬▬▬▬▬ ▬▬▬ ▬▬ ▬▬▬▬ ▬▬▬▬▬▬
پیروز شعبی
مکمل‌ساز نخستین جمهای جوانان ایران شد
▬▬▬▬ ▬▬ ▬▬▬▬▬ ▬▬▬ ▬▬ ▬▬▬▬▬▬ ▬▬▬ ▬▬▬▬ ▬▬ ▬▬▬▬ ▬▬▬▬▬ ▬▬ ▬▬▬▬ ▬▬▬ ▬▬▬▬▬▬ ▬▬ ▬▬▬ ▬▬▬▬▬ ▬▬▬▬ ▬▬ ▬▬▬▬▬ ▬▬▬ ▬▬▬▬ ▬▬▬▬▬▬ ▬▬ ▬▬▬▬ ▬▬▬ ▬▬▬▬▬ ▬▬ ▬▬▬▬▬▬ ▬▬▬ ▬▬▬▬ ▬▬ ▬▬▬▬▬ ▬▬▬▬ ▬▬▬ ▬▬▬▬▬▬ ▬▬ ▬▬▬▬ ▬▬▬▬▬ ▬▬▬ ▬▬ ▬▬▬▬ ▬▬▬▬▬▬ ▬▬ ▬▬▬ ▬▬▬▬▬ ▬▬▬▬ ▬▬ ▬▬▬▬▬▬ ▬▬▬ ▬▬▬▬ ▬▬ ▬▬▬▬▬ ▬▬▬ ▬▬▬▬ ▬▬▬▬▬▬ ▬▬ ▬▬▬▬ ▬▬▬ ▬▬▬▬▬ ▬▬ ▬▬▬▬▬▬ ▬▬▬ ▬▬▬▬ ▬▬ ▬▬▬▬▬ ▬▬▬▬ ▬▬▬ ▬▬▬▬▬▬ ▬▬ ▬▬▬▬ ▬▬▬▬▬ ▬▬▬ ▬▬ ▬▬▬▬ ▬▬▬▬▬▬ ▬▬ ▬▬▬ ▬▬▬▬▬ ▬▬▬▬ ▬▬ ▬▬▬▬▬▬ ▬▬▬ ▬▬▬▬ ▬▬ ▬▬▬▬▬ ▬▬▬ ▬▬▬▬ ▬▬▬▬▬▬ ▬▬ ▬▬▬▬ ▬▬▬ ▬▬▬▬▬ ▬▬ ▬▬▬▬▬▬ ▬▬▬ ▬▬▬▬ ▬▬ ▬▬▬▬▬ ▬▬▬▬ ▬▬▬ ▬▬▬▬▬▬ ▬▬ ▬▬▬▬ ▬▬▬▬▬ ▬▬▬ ▬▬ ▬▬▬▬ ▬▬▬▬▬▬ ▬▬ ▬▬▬ ▬▬▬▬▬ ▬▬▬▬ ▬▬ ▬▬▬▬▬▬ ▬▬▬ ▬▬▬▬ ▬▬ ▬▬▬▬▬ ▬▬▬ ▬▬▬▬ ▬▬▬▬▬▬ ▬▬ ▬▬▬▬ ▬▬▬ ▬▬▬▬▬ ▬▬ ▬▬▬▬▬▬ ▬▬▬ ▬▬▬▬ ▬▬ ▬▬▬▬▬
تصویر سردار اسلام رزومانی شد
▬▬▬▬ ▬▬ ▬▬▬▬▬ ▬▬▬ ▬▬ ▬▬▬▬▬▬ ▬▬▬ ▬▬▬▬ ▬▬ ▬▬▬▬ ▬▬▬▬▬ ▬▬ ▬▬▬▬ ▬▬▬ ▬▬▬▬▬▬ ▬▬ ▬▬▬ ▬▬▬▬▬ ▬▬▬▬ ▬▬ ▬▬▬▬▬ ▬▬▬ ▬▬▬▬ ▬▬▬▬▬▬ ▬▬ ▬▬▬▬ ▬▬▬ ▬▬▬▬▬ ▬▬ ▬▬▬▬▬▬ ▬▬▬ ▬▬▬▬ ▬▬ ▬▬▬▬▬ ▬▬▬▬ ▬▬▬ ▬▬▬▬▬▬ ▬▬ ▬▬▬▬ ▬▬▬▬▬ ▬▬▬ ▬▬ ▬▬▬▬ ▬▬▬▬▬▬ ▬▬ ▬▬▬ ▬▬▬▬▬ ▬▬▬▬ ▬▬ ▬▬▬▬▬▬ ▬▬▬ ▬▬▬▬ ▬▬ ▬▬▬▬▬ ▬▬▬ ▬▬▬▬ ▬▬▬▬▬▬ ▬▬ ▬▬▬▬ ▬▬▬ ▬▬▬▬▬ ▬▬ ▬▬▬▬▬▬ ▬▬▬ ▬▬▬▬ ▬▬ ▬▬▬▬▬ ▬▬▬▬ ▬▬▬ ▬▬▬▬▬▬ ▬▬ ▬▬▬▬ ▬▬▬▬▬ ▬▬▬ ▬▬ ▬▬▬▬ ▬▬▬▬▬▬ ▬▬ ▬▬▬ ▬▬▬▬▬ ▬▬▬▬ ▬▬ ▬▬▬▬▬▬ ▬▬▬ ▬▬▬▬ ▬▬ ▬▬▬▬▬ ▬▬▬ ▬▬▬▬ ▬▬▬▬▬▬ ▬▬ ▬▬▬▬ ▬▬▬ ▬▬▬▬▬ ▬▬ ▬▬▬▬▬▬ ▬▬▬ ▬▬▬▬ ▬▬ ▬▬▬▬▬ ▬▬▬▬ ▬▬▬ ▬▬▬▬▬▬ ▬▬ ▬▬▬▬ ▬▬▬▬▬ ▬▬▬ ▬▬ ▬▬▬▬ ▬▬▬▬▬▬ ▬▬ ▬▬▬ ▬▬▬▬▬ ▬▬▬▬ ▬▬ ▬▬▬▬▬▬ ▬▬▬ ▬▬▬▬ ▬▬ ▬▬▬▬▬ ▬▬▬ ▬▬▬▬ ▬▬▬▬▬▬ ▬▬ ▬▬▬▬ ▬▬▬ ▬▬▬▬▬ ▬▬ ▬▬▬▬▬▬ ▬▬▬ ▬▬▬▬ ▬▬ ▬▬▬▬▬
